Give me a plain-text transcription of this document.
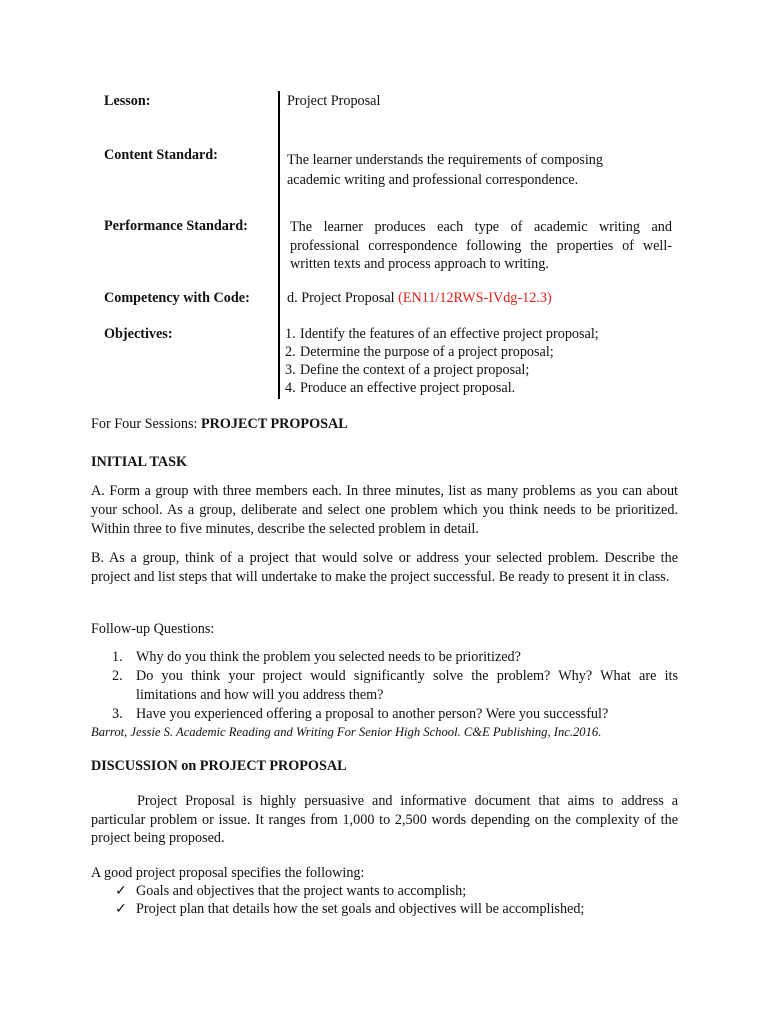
Lesson:	Project Proposal
Content Standard:	The learner understands the requirements of composing
academic writing and professional correspondence.
Performance Standard:	The learner produces each type of academic writing and professional correspondence following the properties of well-written texts and process approach to writing.
Competency with Code:	d. Project Proposal (EN11/12RWS-IVdg-12.3)
Objectives:	1. Identify the features of an effective project proposal;
2. Determine the purpose of a project proposal;
3. Define the context of a project proposal;
4. Produce an effective project proposal.
For Four Sessions: PROJECT PROPOSAL
INITIAL TASK
A. Form a group with three members each. In three minutes, list as many problems as you can about your school. As a group, deliberate and select one problem which you think needs to be prioritized. Within three to five minutes, describe the selected problem in detail.
B. As a group, think of a project that would solve or address your selected problem. Describe the project and list steps that will undertake to make the project successful. Be ready to present it in class.
Follow-up Questions:
1. Why do you think the problem you selected needs to be prioritized?
2. Do you think your project would significantly solve the problem? Why? What are its limitations and how will you address them?
3. Have you experienced offering a proposal to another person? Were you successful?
Barrot, Jessie S. Academic Reading and Writing For Senior High School. C&E Publishing, Inc.2016.
DISCUSSION on PROJECT PROPOSAL
Project Proposal is highly persuasive and informative document that aims to address a particular problem or issue. It ranges from 1,000 to 2,500 words depending on the complexity of the project being proposed.
A good project proposal specifies the following:
✓ Goals and objectives that the project wants to accomplish;
✓ Project plan that details how the set goals and objectives will be accomplished;
